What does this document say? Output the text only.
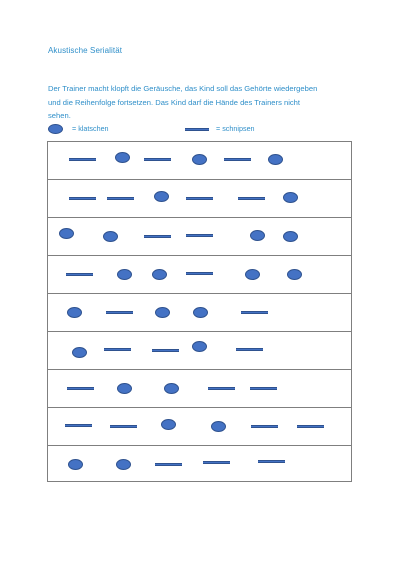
Akustische Serialität
Der Trainer macht klopft die Geräusche, das Kind soll das Gehörte wiedergeben
und die Reihenfolge fortsetzen. Das Kind darf die Hände des Trainers nicht
sehen.
= klatschen	= schnipsen
